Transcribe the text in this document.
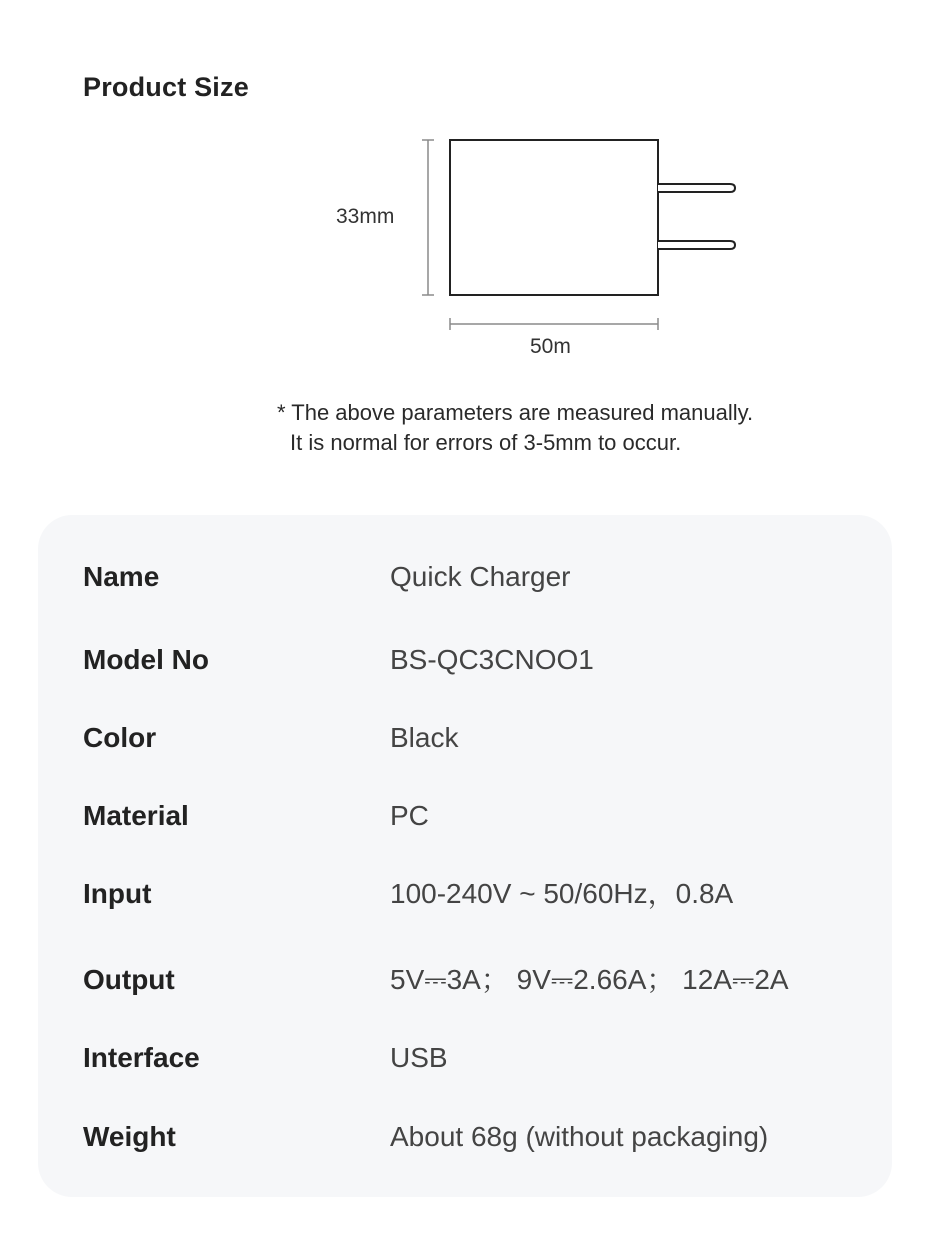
Product Size
33mm
50m
* The above parameters are measured manually.
It is normal for errors of 3-5mm to occur.
Name	Quick Charger
Model No	BS-QC3CNOO1
Color	Black
Material	PC
Input	100-240V ~ 50/60Hz，0.8A
Output	5V⎓3A； 9V⎓2.66A； 12A⎓2A
Interface	USB
Weight	About 68g (without packaging)
